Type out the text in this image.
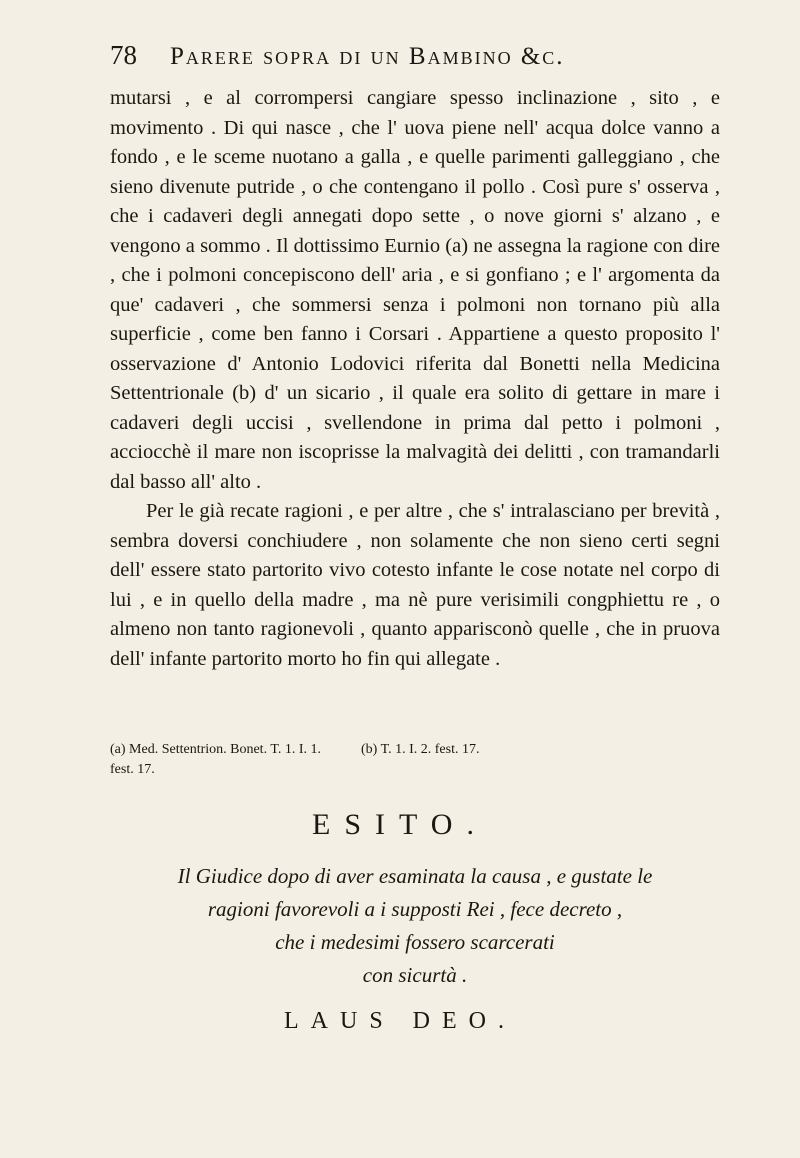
78	Parere sopra di un Bambino &c.

mutarsi , e al corrompersi cangiare spesso inclinazione , sito , e movimento . Di qui nasce , che l' uova piene nell' acqua dolce vanno a fondo , e le sceme nuotano a galla , e quelle parimenti galleggiano , che sieno divenute putride , o che contengano il pollo . Così pure s' osserva , che i cadaveri degli annegati dopo sette , o nove giorni s' alzano , e vengono a sommo . Il dottissimo Eurnio (a) ne assegna la ragione con dire , che i polmoni concepiscono dell' aria , e si gonfiano ; e l' argomenta da que' cadaveri , che sommersi senza i polmoni non tornano più alla superficie , come ben fanno i Corsari . Appartiene a questo proposito l' osservazione d' Antonio Lodovici riferita dal Bonetti nella Medicina Settentrionale (b) d' un sicario , il quale era solito di gettare in mare i cadaveri degli uccisi , svellendone in prima dal petto i polmoni , acciocchè il mare non iscoprisse la malvagità dei delitti , con tramandarli dal basso all' alto .

Per le già recate ragioni , e per altre , che s' intralasciano per brevità , sembra doversi conchiudere , non solamente che non sieno certi segni dell' essere stato partorito vivo cotesto infante le cose notate nel corpo di lui , e in quello della madre , ma nè pure verisimili congphiettu re , o almeno non tanto ragionevoli , quanto apparisconò quelle , che in pruova dell' infante partorito morto ho fin qui allegate .

(a) Med. Settentrion. Bonet. T. 1. I. 1.	(b) T. 1. I. 2. fest. 17.
fest. 17.
ESITO.
Il Giudice dopo di aver esaminata la causa , e gustate le
ragioni favorevoli a i supposti Rei , fece decreto ,
che i medesimi fossero scarcerati
con sicurtà .
LAUS DEO.
